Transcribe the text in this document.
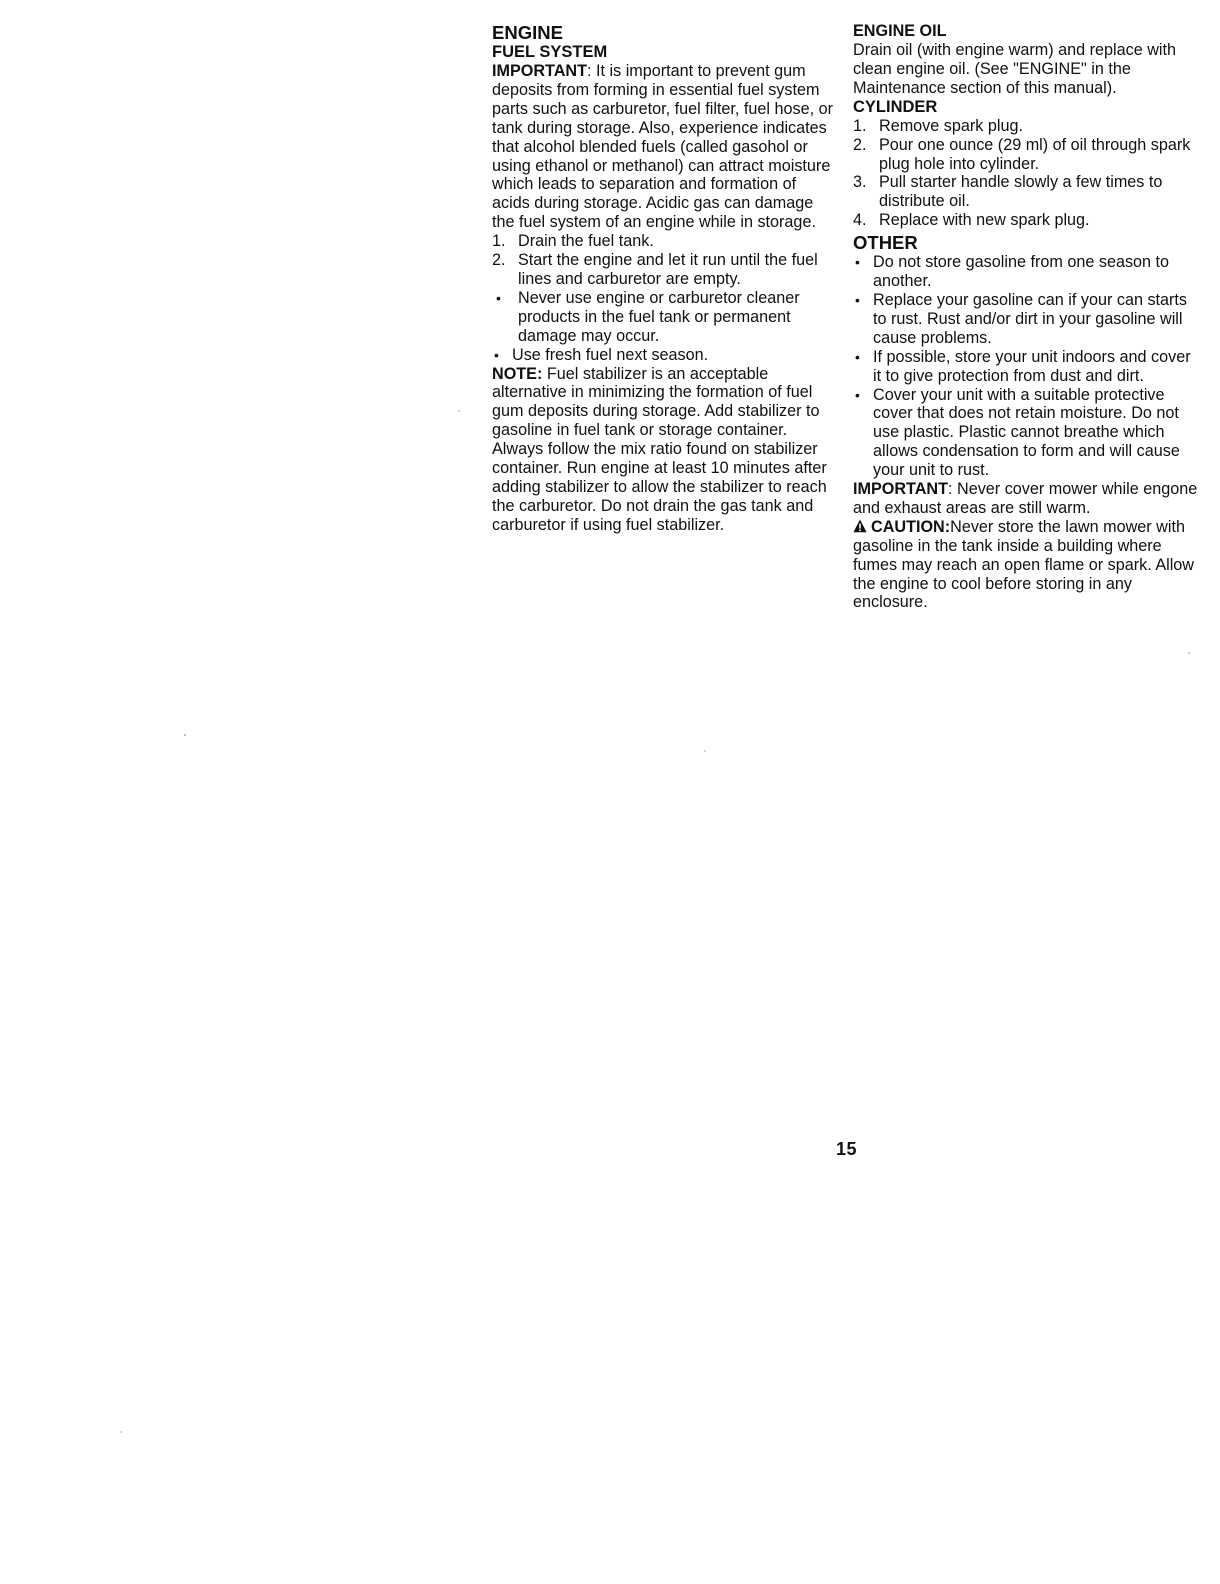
ENGINE
FUEL SYSTEM

IMPORTANT: It is important to prevent gum deposits from forming in essential fuel system parts such as carburetor, fuel filter, fuel hose, or tank during storage. Also, experience indicates that alcohol blended fuels (called gasohol or using ethanol or methanol) can attract moisture which leads to separation and formation of acids during storage. Acidic gas can damage the fuel system of an engine while in storage.

1. Drain the fuel tank.
2. Start the engine and let it run until the fuel lines and carburetor are empty.
•	Never use engine or carburetor cleaner products in the fuel tank or permanent damage may occur.
• Use fresh fuel next season.

NOTE: Fuel stabilizer is an acceptable alternative in minimizing the formation of fuel gum deposits during storage. Add stabilizer to gasoline in fuel tank or storage container. Always follow the mix ratio found on stabilizer container. Run engine at least 10 minutes after adding stabilizer to allow the stabilizer to reach the carburetor. Do not drain the gas tank and carburetor if using fuel stabilizer.

ENGINE OIL

Drain oil (with engine warm) and replace with clean engine oil. (See "ENGINE" in the Maintenance section of this manual).

CYLINDER
1. Remove spark plug.
2. Pour one ounce (29 ml) of oil through spark plug hole into cylinder.
3. Pull starter handle slowly a few times to distribute oil.
4. Replace with new spark plug.
OTHER
• Do not store gasoline from one season to another.
• Replace your gasoline can if your can starts to rust. Rust and/or dirt in your gasoline will cause problems.
• If possible, store your unit indoors and cover it to give protection from dust and dirt.
• Cover your unit with a suitable protective cover that does not retain moisture. Do not use plastic. Plastic cannot breathe which allows condensation to form and will cause your unit to rust.

IMPORTANT: Never cover mower while engone and exhaust areas are still warm.

CAUTION:Never store the lawn mower with gasoline in the tank inside a building where fumes may reach an open flame or spark. Allow the engine to cool before storing in any enclosure.

15
